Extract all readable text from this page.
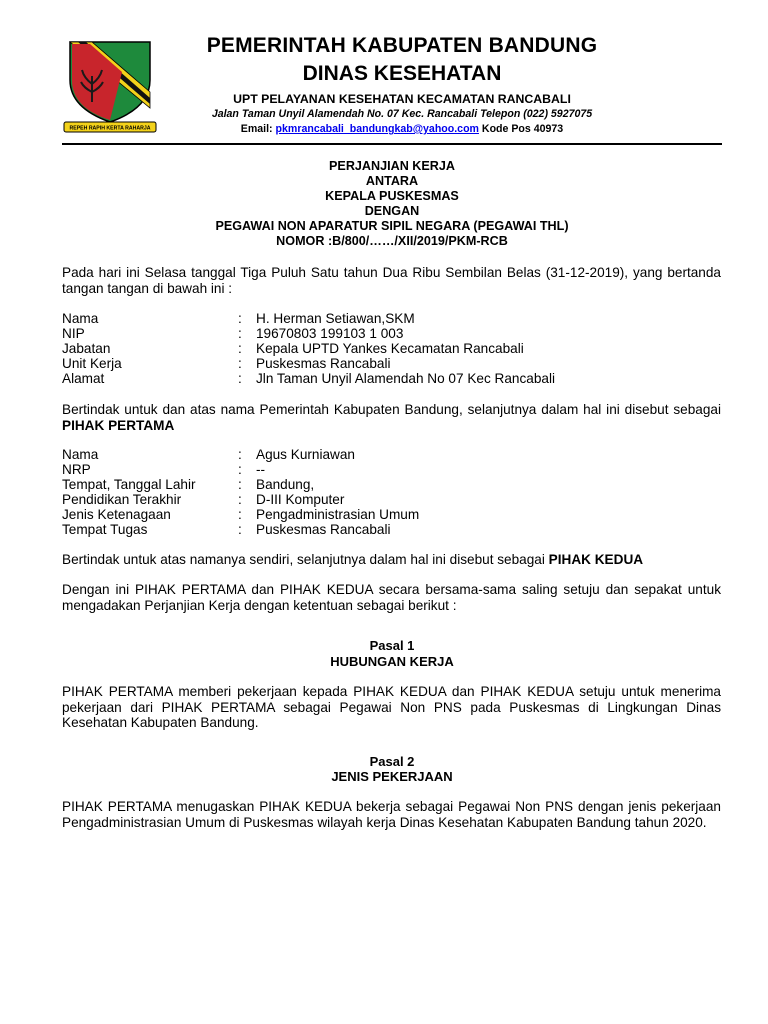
REPEH RAPIH KERTA RAHARJA
PEMERINTAH KABUPATEN BANDUNG
DINAS KESEHATAN
UPT PELAYANAN KESEHATAN KECAMATAN RANCABALI
Jalan Taman Unyil Alamendah No. 07 Kec. Rancabali Telepon (022) 5927075
Email: pkmrancabali_bandungkab@yahoo.com Kode Pos 40973
PERJANJIAN KERJA
ANTARA
KEPALA PUSKESMAS
DENGAN
PEGAWAI NON APARATUR SIPIL NEGARA (PEGAWAI THL)
NOMOR :B/800/……/XII/2019/PKM-RCB
Pada hari ini Selasa tanggal Tiga Puluh Satu tahun Dua Ribu Sembilan Belas (31-12-2019), yang bertanda tangan tangan di bawah ini :
Nama	: H. Herman Setiawan,SKM
NIP	: 19670803 199103 1 003
Jabatan	: Kepala UPTD Yankes Kecamatan Rancabali
Unit Kerja	: Puskesmas Rancabali
Alamat	: Jln Taman Unyil Alamendah No 07 Kec Rancabali
Bertindak untuk dan atas nama Pemerintah Kabupaten Bandung, selanjutnya dalam hal ini disebut sebagai PIHAK PERTAMA
Nama	: Agus Kurniawan
NRP	: --
Tempat, Tanggal Lahir	: Bandung,
Pendidikan Terakhir	: D-III Komputer
Jenis Ketenagaan	: Pengadministrasian Umum
Tempat Tugas	: Puskesmas Rancabali
Bertindak untuk atas namanya sendiri, selanjutnya dalam hal ini disebut sebagai PIHAK KEDUA
Dengan ini PIHAK PERTAMA dan PIHAK KEDUA secara bersama-sama saling setuju dan sepakat untuk mengadakan Perjanjian Kerja dengan ketentuan sebagai berikut :
Pasal 1
HUBUNGAN KERJA
PIHAK PERTAMA memberi pekerjaan kepada PIHAK KEDUA dan PIHAK KEDUA setuju untuk menerima pekerjaan dari PIHAK PERTAMA sebagai Pegawai Non PNS pada Puskesmas di Lingkungan Dinas Kesehatan Kabupaten Bandung.
Pasal 2
JENIS PEKERJAAN
PIHAK PERTAMA menugaskan PIHAK KEDUA bekerja sebagai Pegawai Non PNS dengan jenis pekerjaan Pengadministrasian Umum di Puskesmas wilayah kerja Dinas Kesehatan Kabupaten Bandung tahun 2020.
